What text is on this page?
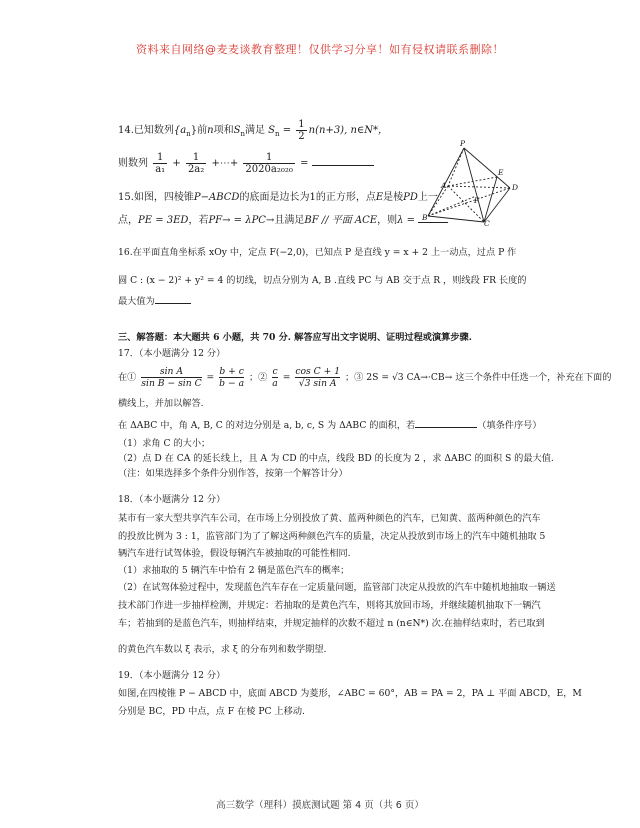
资料来自网络@麦麦谈教育整理！仅供学习分享！如有侵权请联系删除！
14.已知数列$\{a_n\}$前n项和$S_n$满足 $S_n = \frac{1}{2} n(n+3)$, n∈N*，
则数列 $\frac{1}{\text{a₁}} + \frac{1}{\text{2a₂}}$ +⋯+ $\frac{1}{\text{2020a₂₀₂₀}}$ =
15.如图，四棱锥P−ABCD的底面是边长为1的正方形，点E是棱PD上一
点，PE = 3ED，若PF→ = λPC→且满足BF // 平面 ACE，则λ =
P
E
D
F
A
B
C
16.在平面直角坐标系 xOy 中，定点 F(−2,0)，已知点 P 是直线 y = x + 2 上一动点，过点 P 作
圆 C : (x − 2)² + y² = 4 的切线，切点分别为 A, B .直线 PC 与 AB 交于点 R ，则线段 FR 长度的
最大值为
三、解答题：本大题共 6 小题，共 70 分. 解答应写出文字说明、证明过程或演算步骤.
17．（本小题满分 12 分）
在① $\frac{\text{sin A}}{\text{sin B − sin C}} = \frac{b + c}{b - a}$ ；② $\frac{c}{a} = \frac{\text{cos C + 1}}{\text{√3 sin A}}$ ；③ 2S = √3 CA→·CB→ 这三个条件中任选一个，补充在下面的
横线上，并加以解答.
在 ΔABC 中，角 A, B, C 的对边分别是 a, b, c, S 为 ΔABC 的面积，若	（填条件序号）
（1）求角 C 的大小；
（2）点 D 在 CA 的延长线上，且 A 为 CD 的中点，线段 BD 的长度为 2 ，求 ΔABC 的面积 S 的最大值.
（注：如果选择多个条件分别作答，按第一个解答计分）
18．（本小题满分 12 分）
某市有一家大型共享汽车公司，在市场上分别投放了黄、蓝两种颜色的汽车，已知黄、蓝两种颜色的汽车
的投放比例为 3 : 1，监管部门为了了解这两种颜色汽车的质量，决定从投放到市场上的汽车中随机抽取 5
辆汽车进行试驾体验，假设每辆汽车被抽取的可能性相同.
（1）求抽取的 5 辆汽车中恰有 2 辆是蓝色汽车的概率；
（2）在试驾体验过程中，发现蓝色汽车存在一定质量问题，监管部门决定从投放的汽车中随机地抽取一辆送
技术部门作进一步抽样检测，并规定：若抽取的是黄色汽车，则将其放回市场，并继续随机抽取下一辆汽
车；若抽到的是蓝色汽车，则抽样结束，并规定抽样的次数不超过 n (n∈N*) 次.在抽样结束时，若已取到
的黄色汽车数以 ξ 表示，求 ξ 的分布列和数学期望.
19．（本小题满分 12 分）
如图,在四棱锥 P − ABCD 中，底面 ABCD 为菱形，∠ABC = 60°，AB = PA = 2，PA ⊥ 平面 ABCD，E，M
分别是 BC，PD 中点，点 F 在棱 PC 上移动.
高三数学（理科）摸底测试题 第 4 页（共 6 页）
